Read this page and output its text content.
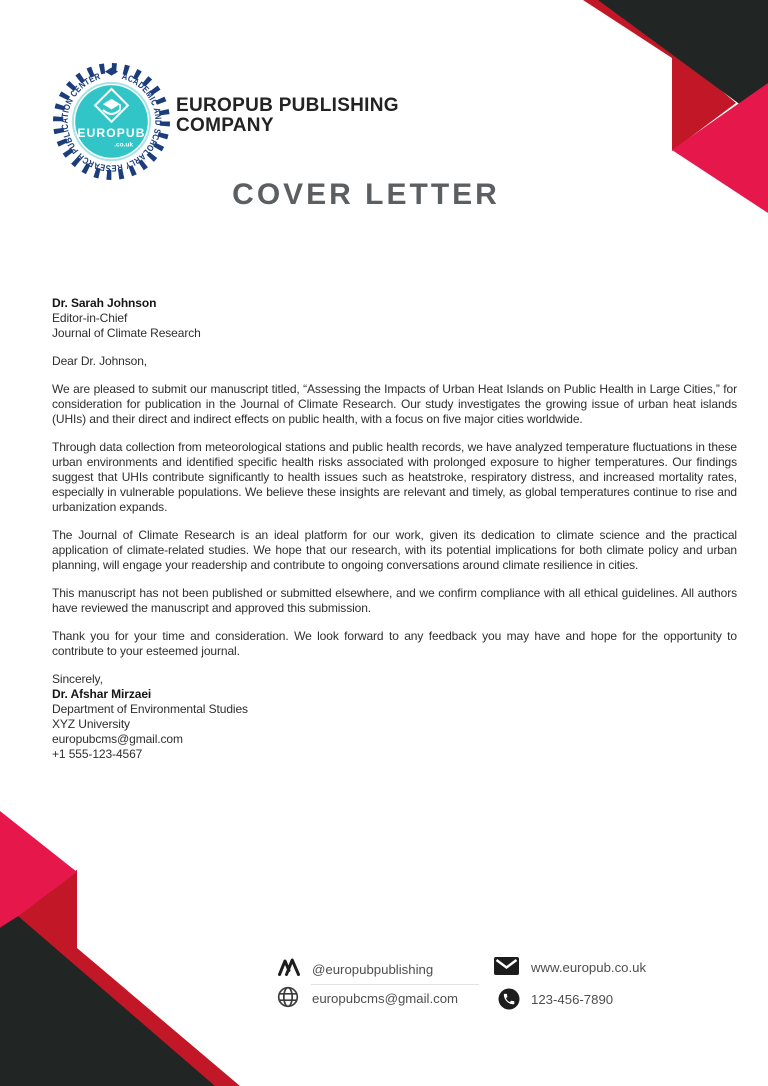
ACADEMIC AND SCHOLARLY RESEARCH PUBLICATION CENTER
EUROPUB
.co.uk
EUROPUB PUBLISHING
COMPANY
COVER LETTER
Dr. Sarah Johnson
Editor-in-Chief
Journal of Climate Research
Dear Dr. Johnson,

We are pleased to submit our manuscript titled, “Assessing the Impacts of Urban Heat Islands on Public Health in Large Cities,” for consideration for publication in the Journal of Climate Research. Our study investigates the growing issue of urban heat islands (UHIs) and their direct and indirect effects on public health, with a focus on five major cities worldwide.

Through data collection from meteorological stations and public health records, we have analyzed temperature fluctuations in these urban environments and identified specific health risks associated with prolonged exposure to higher temperatures. Our findings suggest that UHIs contribute significantly to health issues such as heatstroke, respiratory distress, and increased mortality rates, especially in vulnerable populations. We believe these insights are relevant and timely, as global temperatures continue to rise and urbanization expands.

The Journal of Climate Research is an ideal platform for our work, given its dedication to climate science and the practical application of climate-related studies. We hope that our research, with its potential implications for both climate policy and urban planning, will engage your readership and contribute to ongoing conversations around climate resilience in cities.

This manuscript has not been published or submitted elsewhere, and we confirm compliance with all ethical guidelines. All authors have reviewed the manuscript and approved this submission.

Thank you for your time and consideration. We look forward to any feedback you may have and hope for the opportunity to contribute to your esteemed journal.

Sincerely,
Dr. Afshar Mirzaei
Department of Environmental Studies
XYZ University
europubcms@gmail.com
+1 555-123-4567
@europubpublishing
europubcms@gmail.com
www.europub.co.uk
123-456-7890
